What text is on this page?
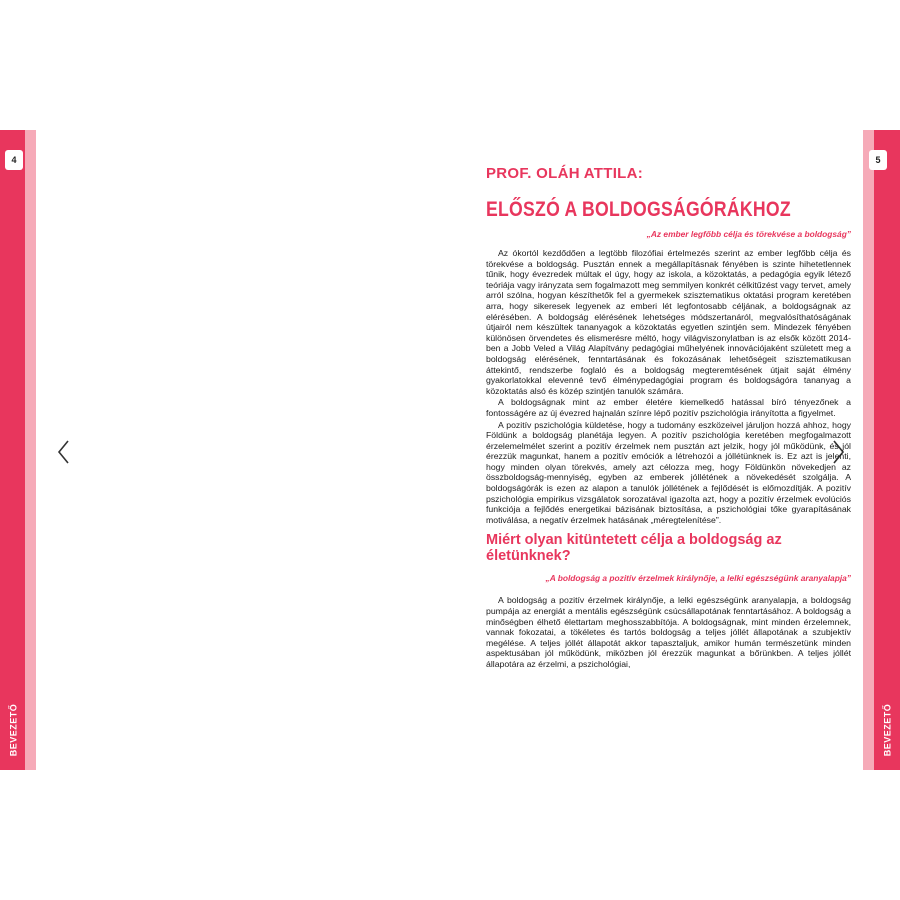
4	5
BEVEZETŐ	BEVEZETŐ
PROF. OLÁH ATTILA:
ELŐSZÓ A BOLDOGSÁGÓRÁKHOZ
„Az ember legfőbb célja és törekvése a boldogság”

Az ókortól kezdődően a legtöbb filozófiai értelmezés szerint az ember legfőbb célja és törekvése a boldogság. Pusztán ennek a megállapításnak fényében is szinte hihetetlennek tűnik, hogy évezredek múltak el úgy, hogy az iskola, a közoktatás, a pedagógia egyik létező teóriája vagy irányzata sem fogalmazott meg semmilyen konkrét célkitűzést vagy tervet, amely arról szólna, hogyan készíthetők fel a gyermekek szisztematikus oktatási program keretében arra, hogy sikeresek legyenek az emberi lét legfontosabb céljának, a boldogságnak az elérésében. A boldogság elérésének lehetséges módszertanáról, megvalósíthatóságának útjairól nem készültek tananyagok a közoktatás egyetlen szintjén sem. Mindezek fényében különösen örvendetes és elismerésre méltó, hogy világviszonylatban is az elsők között 2014-ben a Jobb Veled a Világ Alapítvány pedagógiai műhelyének innovációjaként született meg a boldogság elérésének, fenntartásának és fokozásának lehetőségeit szisztematikusan áttekintő, rendszerbe foglaló és a boldogság megteremtésének útjait saját élmény gyakorlatokkal elevenné tevő élménypedagógiai program és boldogságóra tananyag a közoktatás alsó és közép szintjén tanulók számára.

A boldogságnak mint az ember életére kiemelkedő hatással bíró tényezőnek a fontosságére az új évezred hajnalán színre lépő pozitív pszichológia irányította a figyelmet.

A pozitív pszichológia küldetése, hogy a tudomány eszközeivel járuljon hozzá ahhoz, hogy Földünk a boldogság planétája legyen. A pozitív pszichológia keretében megfogalmazott érzelemelmélet szerint a pozitív érzelmek nem pusztán azt jelzik, hogy jól működünk, és jól érezzük magunkat, hanem a pozitív emóciók a létrehozói a jóllétünknek is. Ez azt is jelenti, hogy minden olyan törekvés, amely azt célozza meg, hogy Földünkön növekedjen az összboldogság-mennyiség, egyben az emberek jóllétének a növekedését szolgálja. A boldogságórák is ezen az alapon a tanulók jóllétének a fejlődését is előmozdítják. A pozitív pszichológia empirikus vizsgálatok sorozatával igazolta azt, hogy a pozitív érzelmek evolúciós funkciója a fejlődés energetikai bázisának biztosítása, a pszichológiai tőke gyarapításának motiválása, a negatív érzelmek hatásának „méregtelenítése”.

Miért olyan kitüntetett célja a boldogság az életünknek?
„A boldogság a pozitív érzelmek királynője, a lelki egészségünk aranyalapja”

A boldogság a pozitív érzelmek királynője, a lelki egészségünk aranyalapja, a boldogság pumpája az energiát a mentális egészségünk csúcsállapotának fenntartásához. A boldogság a minőségben élhető élettartam meghosszabbítója. A boldogságnak, mint minden érzelemnek, vannak fokozatai, a tökéletes és tartós boldogság a teljes jóllét állapotának a szubjektív megélése. A teljes jóllét állapotát akkor tapasztaljuk, amikor humán természetünk minden aspektusában jól működünk, miközben jól érezzük magunkat a bőrünkben. A teljes jóllét állapotára az érzelmi, a pszichológiai,
